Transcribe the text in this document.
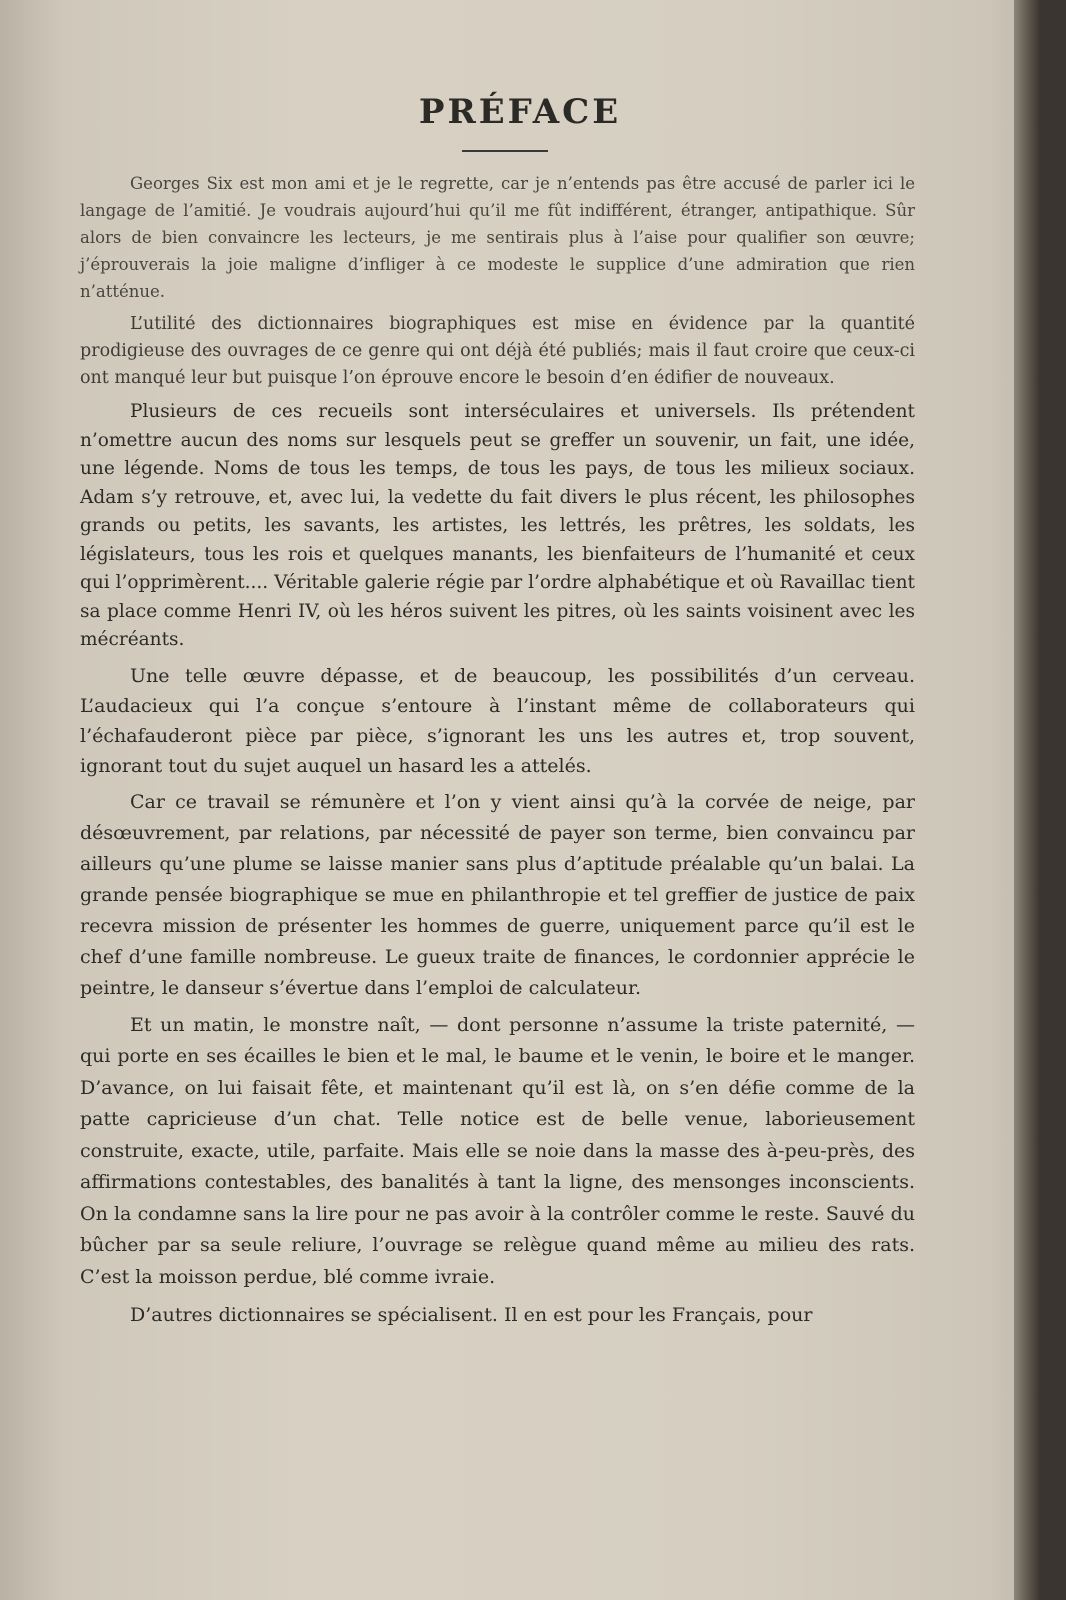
PRÉFACE

Georges Six est mon ami et je le regrette, car je n’entends pas être accusé de parler ici le langage de l’amitié. Je voudrais aujourd’hui qu’il me fût indifférent, étranger, antipathique. Sûr alors de bien convaincre les lecteurs, je me sentirais plus à l’aise pour qualifier son œuvre; j’éprouverais la joie maligne d’infliger à ce modeste le supplice d’une admiration que rien n’atténue.

L’utilité des dictionnaires biographiques est mise en évidence par la quantité prodigieuse des ouvrages de ce genre qui ont déjà été publiés; mais il faut croire que ceux-ci ont manqué leur but puisque l’on éprouve encore le besoin d’en édifier de nouveaux.

Plusieurs de ces recueils sont interséculaires et universels. Ils prétendent n’omettre aucun des noms sur lesquels peut se greffer un souvenir, un fait, une idée, une légende. Noms de tous les temps, de tous les pays, de tous les milieux sociaux. Adam s’y retrouve, et, avec lui, la vedette du fait divers le plus récent, les philosophes grands ou petits, les savants, les artistes, les lettrés, les prêtres, les soldats, les législateurs, tous les rois et quelques manants, les bienfaiteurs de l’humanité et ceux qui l’opprimèrent.... Véritable galerie régie par l’ordre alphabétique et où Ravaillac tient sa place comme Henri IV, où les héros suivent les pitres, où les saints voisinent avec les mécréants.

Une telle œuvre dépasse, et de beaucoup, les possibilités d’un cerveau. L’audacieux qui l’a conçue s’entoure à l’instant même de collaborateurs qui l’échafauderont pièce par pièce, s’ignorant les uns les autres et, trop souvent, ignorant tout du sujet auquel un hasard les a attelés.

Car ce travail se rémunère et l’on y vient ainsi qu’à la corvée de neige, par désœuvrement, par relations, par nécessité de payer son terme, bien convaincu par ailleurs qu’une plume se laisse manier sans plus d’aptitude préalable qu’un balai. La grande pensée biographique se mue en philanthropie et tel greffier de justice de paix recevra mission de présenter les hommes de guerre, uniquement parce qu’il est le chef d’une famille nombreuse. Le gueux traite de finances, le cordonnier apprécie le peintre, le danseur s’évertue dans l’emploi de calculateur.

Et un matin, le monstre naît, — dont personne n’assume la triste paternité, — qui porte en ses écailles le bien et le mal, le baume et le venin, le boire et le manger. D’avance, on lui faisait fête, et maintenant qu’il est là, on s’en défie comme de la patte capricieuse d’un chat. Telle notice est de belle venue, laborieusement construite, exacte, utile, parfaite. Mais elle se noie dans la masse des à-peu-près, des affirmations contestables, des banalités à tant la ligne, des mensonges inconscients. On la condamne sans la lire pour ne pas avoir à la contrôler comme le reste. Sauvé du bûcher par sa seule reliure, l’ouvrage se relègue quand même au milieu des rats. C’est la moisson perdue, blé comme ivraie.

D’autres dictionnaires se spécialisent. Il en est pour les Français, pour
